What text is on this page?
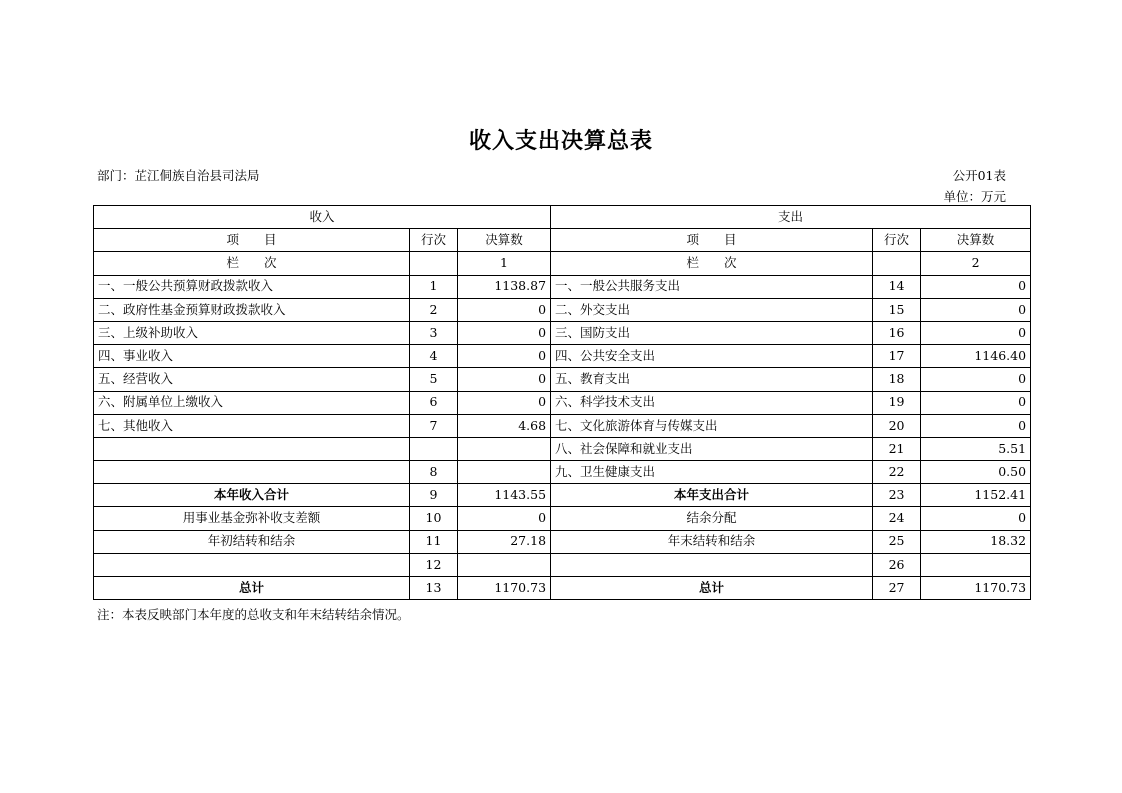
收入支出决算总表
部门：芷江侗族自治县司法局	公开01表
单位：万元
收入			支出		
项　　目	行次	决算数	项　　目	行次	决算数
栏　　次		1	栏　　次		2
一、一般公共预算财政拨款收入	1	1138.87	一、一般公共服务支出	14	0
二、政府性基金预算财政拨款收入	2	0	二、外交支出	15	0
三、上级补助收入	3	0	三、国防支出	16	0
四、事业收入	4	0	四、公共安全支出	17	1146.40
五、经营收入	5	0	五、教育支出	18	0
六、附属单位上缴收入	6	0	六、科学技术支出	19	0
七、其他收入	7	4.68	七、文化旅游体育与传媒支出	20	0
			八、社会保障和就业支出	21	5.51
	8		九、卫生健康支出	22	0.50
本年收入合计	9	1143.55	本年支出合计	23	1152.41
用事业基金弥补收支差额	10	0	结余分配	24	0
年初结转和结余	11	27.18	年末结转和结余	25	18.32
	12			26	
总计	13	1170.73	总计	27	1170.73
注：本表反映部门本年度的总收支和年末结转结余情况。
